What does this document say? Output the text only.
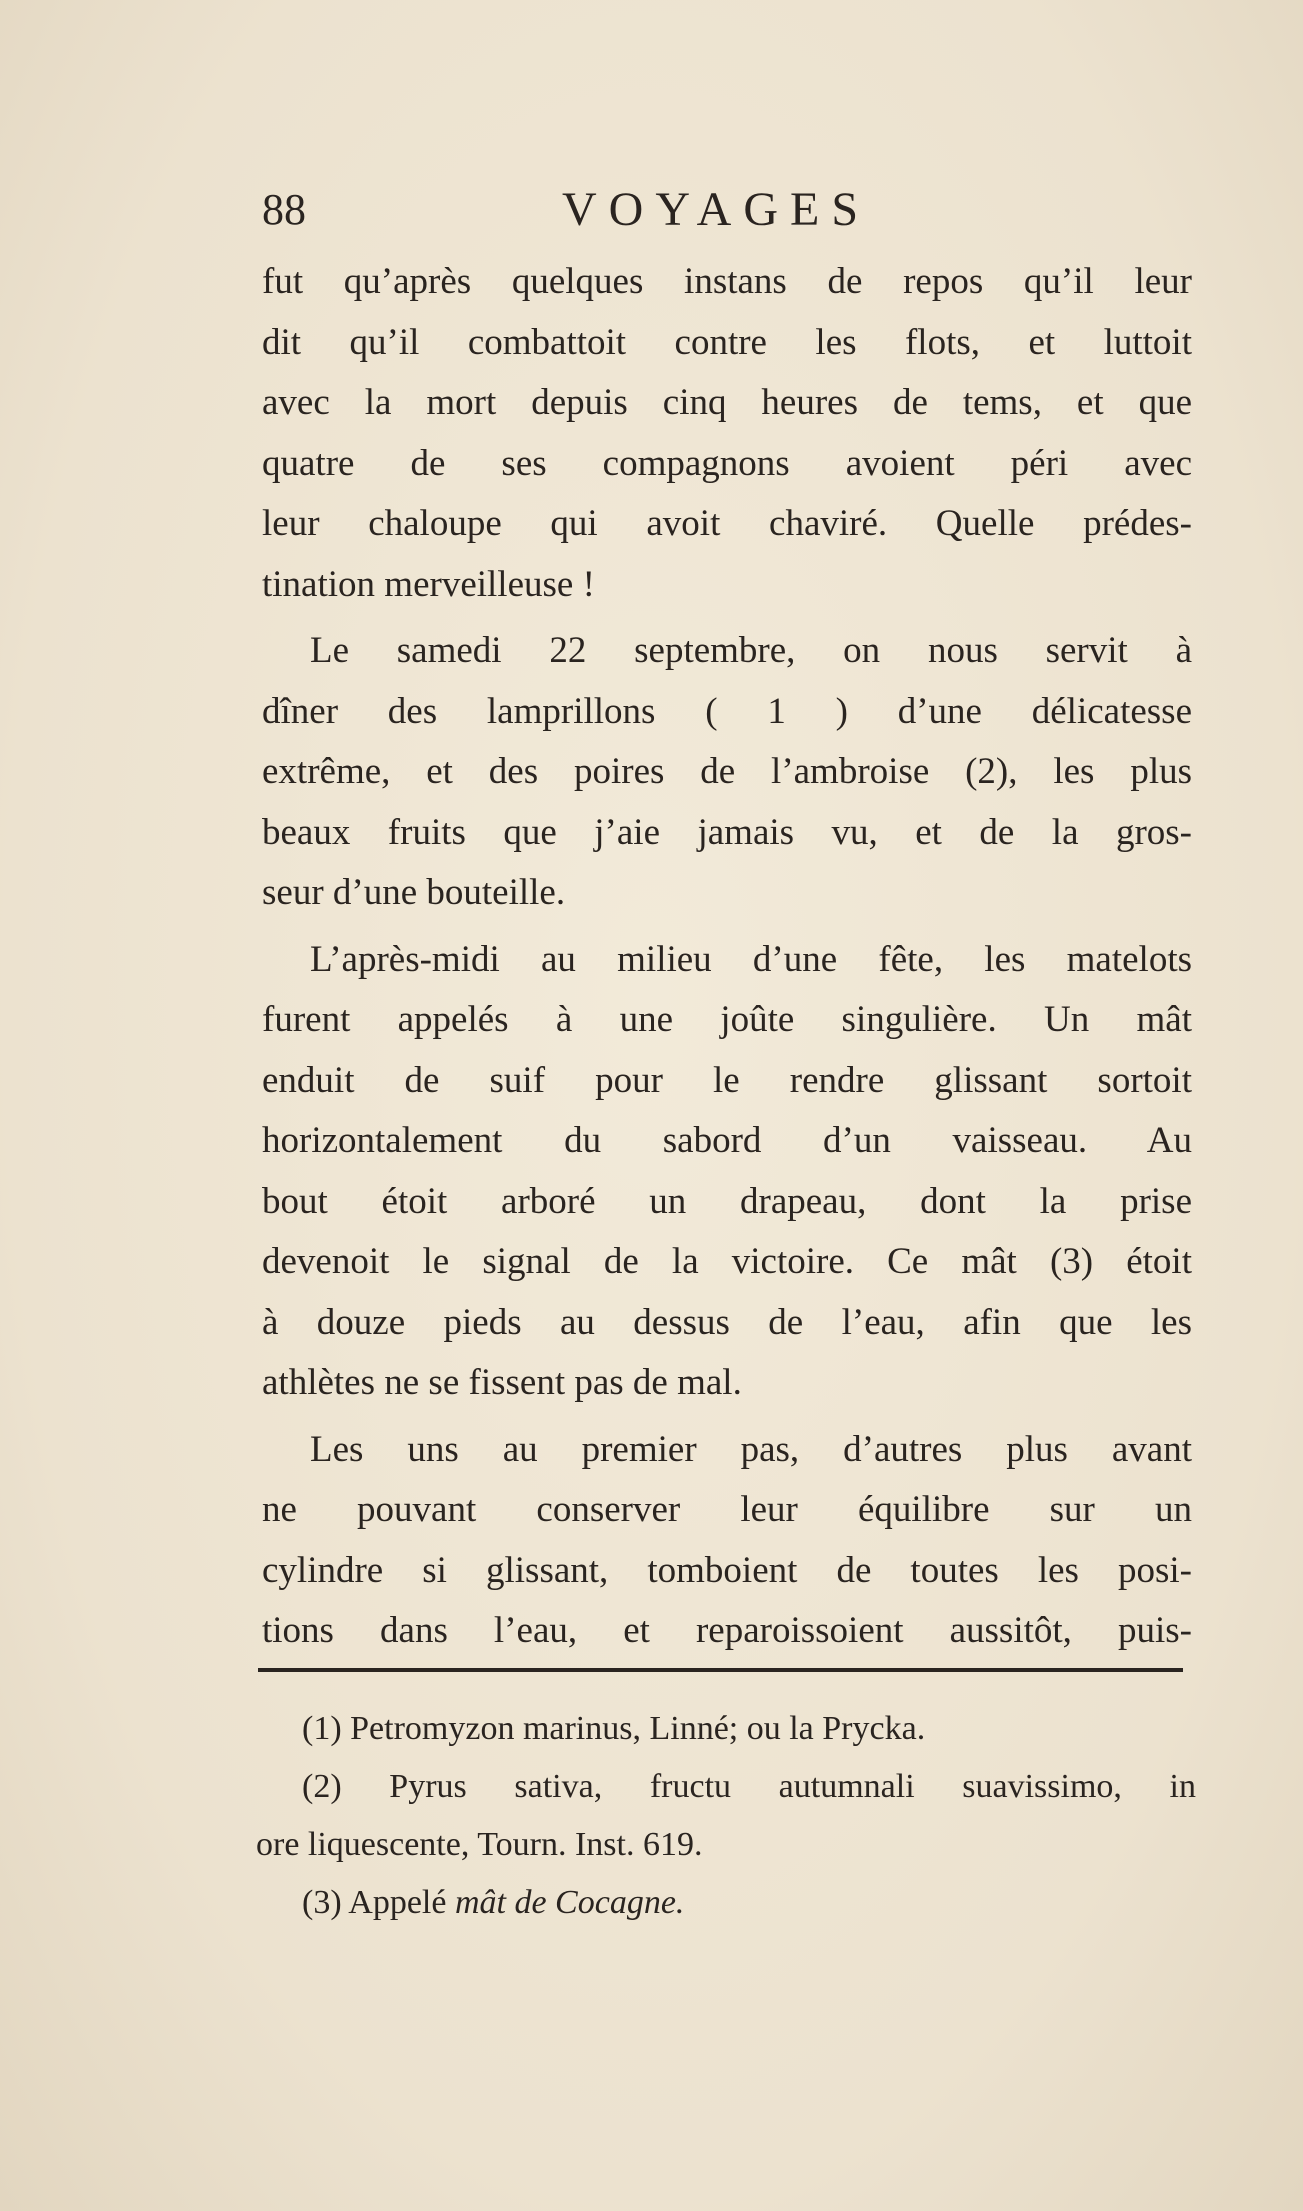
88	VOYAGES
fut qu’après quelques instans de repos qu’il leur
dit qu’il combattoit contre les flots, et luttoit
avec la mort depuis cinq heures de tems, et que
quatre de ses compagnons avoient péri avec
leur chaloupe qui avoit chaviré. Quelle prédes-
tination merveilleuse !
Le samedi 22 septembre, on nous servit à
dîner des lamprillons ( 1 ) d’une délicatesse
extrême, et des poires de l’ambroise (2), les plus
beaux fruits que j’aie jamais vu, et de la gros-
seur d’une bouteille.
L’après-midi au milieu d’une fête, les matelots
furent appelés à une joûte singulière. Un mât
enduit de suif pour le rendre glissant sortoit
horizontalement du sabord d’un vaisseau. Au
bout étoit arboré un drapeau, dont la prise
devenoit le signal de la victoire. Ce mât (3) étoit
à douze pieds au dessus de l’eau, afin que les
athlètes ne se fissent pas de mal.
Les uns au premier pas, d’autres plus avant
ne pouvant conserver leur équilibre sur un
cylindre si glissant, tomboient de toutes les posi-
tions dans l’eau, et reparoissoient aussitôt, puis-
(1) Petromyzon marinus, Linné; ou la Prycka.
(2) Pyrus sativa, fructu autumnali suavissimo, in
ore liquescente, Tourn. Inst. 619.
(3) Appelé mât de Cocagne.
